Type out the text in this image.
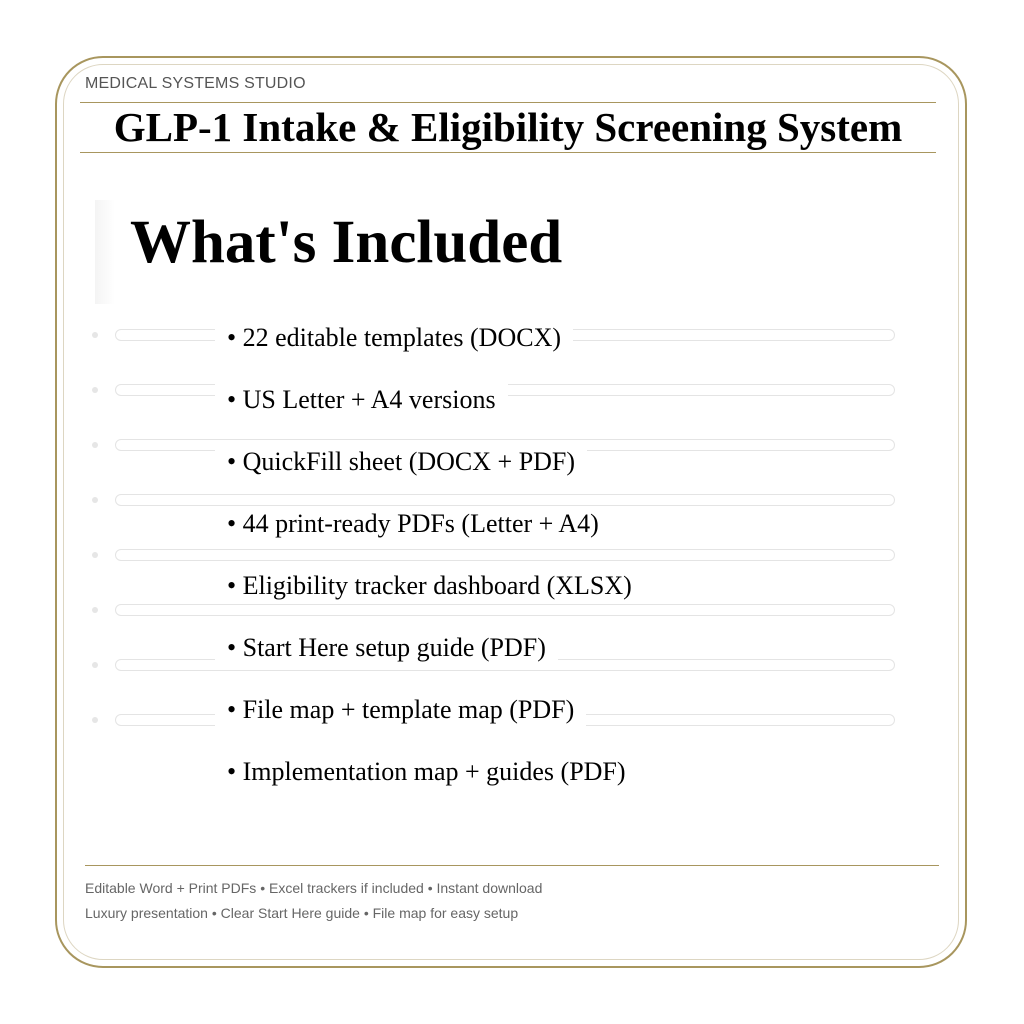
MEDICAL SYSTEMS STUDIO
GLP-1 Intake & Eligibility Screening System
What's Included
• 22 editable templates (DOCX)
• US Letter + A4 versions
• QuickFill sheet (DOCX + PDF)
• 44 print-ready PDFs (Letter + A4)
• Eligibility tracker dashboard (XLSX)
• Start Here setup guide (PDF)
• File map + template map (PDF)
• Implementation map + guides (PDF)
Editable Word + Print PDFs • Excel trackers if included • Instant download
Luxury presentation • Clear Start Here guide • File map for easy setup
